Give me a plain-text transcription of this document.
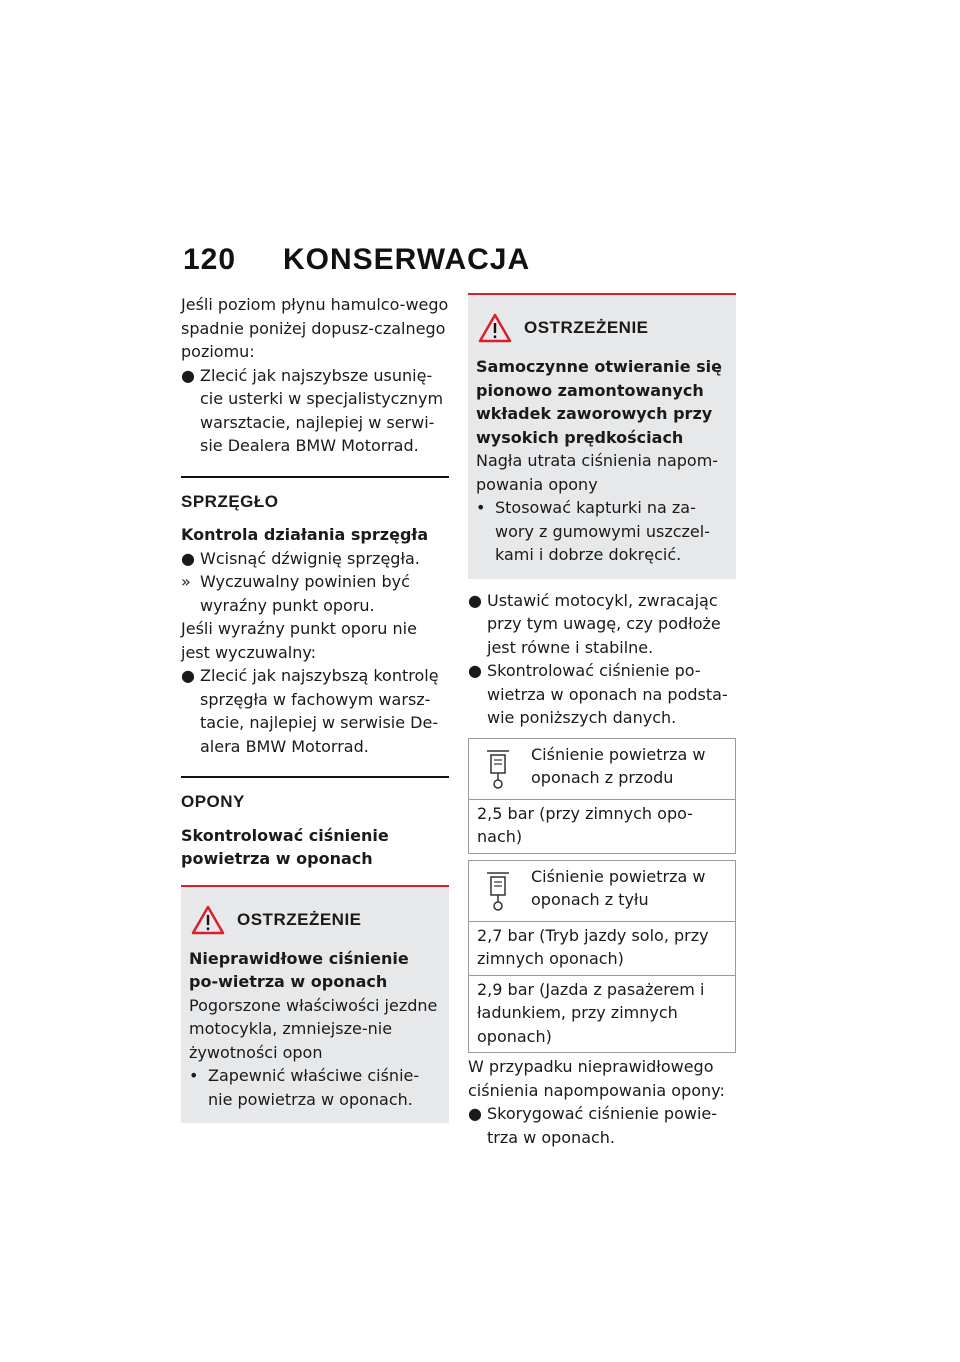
120	KONSERWACJA

Jeśli poziom płynu hamulco-wego spadnie poniżej dopusz-czalnego poziomu:

● Zlecić jak najszybsze usunię-cie usterki w specjalistycznym warsztacie, najlepiej w serwi-sie Dealera BMW Motorrad.
SPRZĘGŁO
Kontrola działania sprzęgła
● Wcisnąć dźwignię sprzęgła.
» Wyczuwalny powinien być wyraźny punkt oporu.

Jeśli wyraźny punkt oporu nie jest wyczuwalny:

● Zlecić jak najszybszą kontrolę sprzęgła w fachowym warsz-tacie, najlepiej w serwisie De-alera BMW Motorrad.
OPONY
Skontrolować ciśnienie powietrza w oponach
OSTRZEŻENIE
Nieprawidłowe ciśnienie po-wietrza w oponach

Pogorszone właściwości jezdne motocykla, zmniejsze-nie żywotności opon

• Zapewnić właściwe ciśnie-nie powietrza w oponach.
OSTRZEŻENIE
Samoczynne otwieranie się pionowo zamontowanych wkładek zaworowych przy wysokich prędkościach

Nagła utrata ciśnienia napom-powania opony

• Stosować kapturki na za-wory z gumowymi uszczel-kami i dobrze dokręcić.
● Ustawić motocykl, zwracając przy tym uwagę, czy podłoże jest równe i stabilne.
● Skontrolować ciśnienie po-wietrza w oponach na podsta-wie poniższych danych.
Ciśnienie powietrza w oponach z przodu
2,5 bar (przy zimnych opo-nach)
Ciśnienie powietrza w oponach z tyłu
2,7 bar (Tryb jazdy solo, przy zimnych oponach)
2,9 bar (Jazda z pasażerem i ładunkiem, przy zimnych oponach)

W przypadku nieprawidłowego ciśnienia napompowania opony:

● Skorygować ciśnienie powie-trza w oponach.
